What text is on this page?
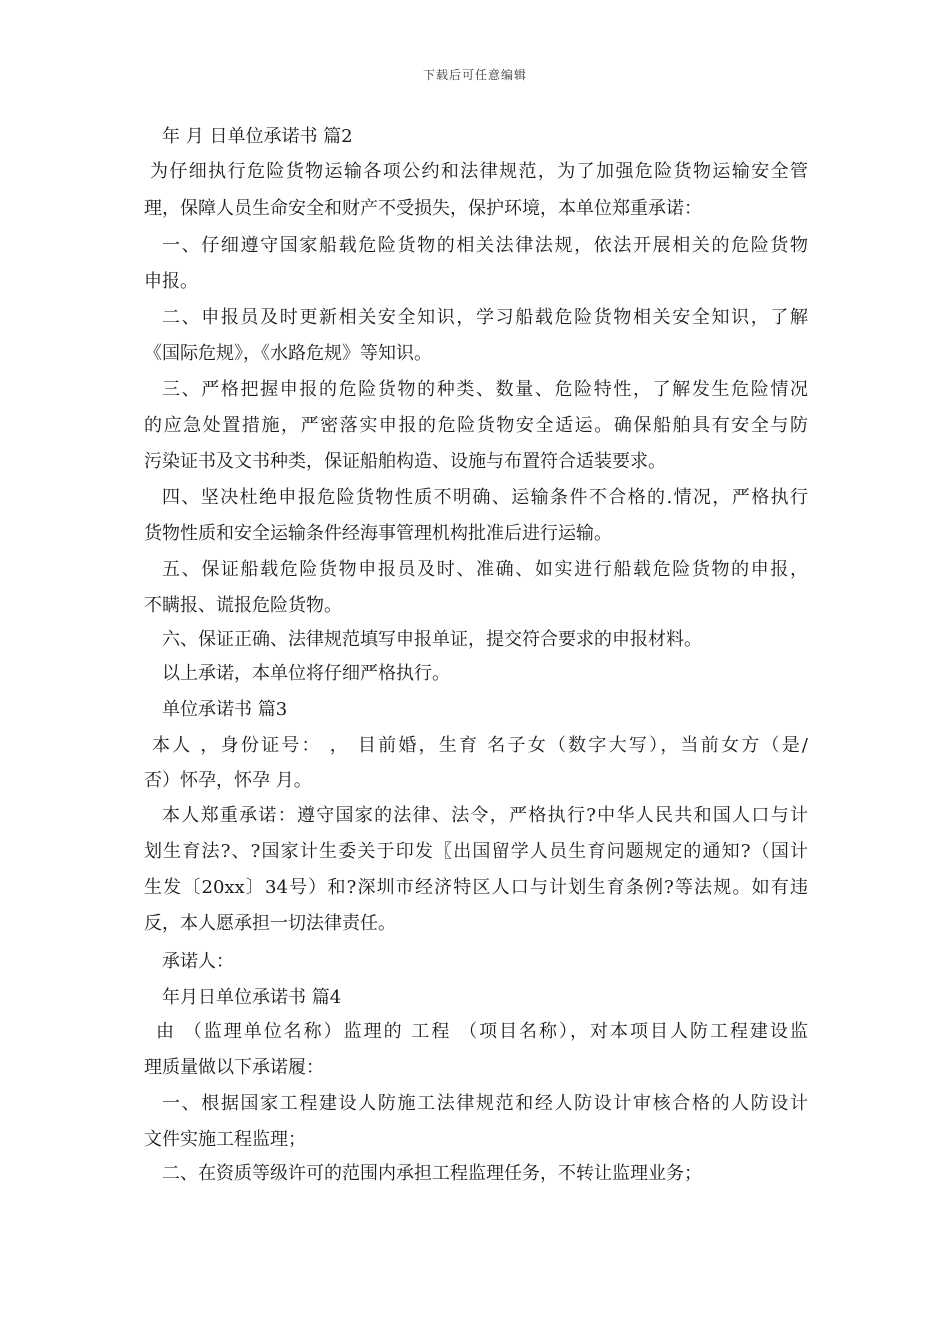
下载后可任意编辑
年 月 日单位承诺书 篇2
为仔细执行危险货物运输各项公约和法律规范，为了加强危险货物运输安全管
理，保障人员生命安全和财产不受损失，保护环境，本单位郑重承诺：
一、仔细遵守国家船载危险货物的相关法律法规，依法开展相关的危险货物
申报。
二、申报员及时更新相关安全知识，学习船载危险货物相关安全知识，了解
《国际危规》，《水路危规》等知识。
三、严格把握申报的危险货物的种类、数量、危险特性，了解发生危险情况
的应急处置措施，严密落实申报的危险货物安全适运。确保船舶具有安全与防
污染证书及文书种类，保证船舶构造、设施与布置符合适装要求。
四、坚决杜绝申报危险货物性质不明确、运输条件不合格的.情况，严格执行
货物性质和安全运输条件经海事管理机构批准后进行运输。
五、保证船载危险货物申报员及时、准确、如实进行船载危险货物的申报，
不瞒报、谎报危险货物。
六、保证正确、法律规范填写申报单证，提交符合要求的申报材料。
以上承诺，本单位将仔细严格执行。
单位承诺书 篇3
本人 ，身份证号： ， 目前婚，生育 名子女（数字大写），当前女方（是/
否）怀孕，怀孕 月。
本人郑重承诺：遵守国家的法律、法令，严格执行?中华人民共和国人口与计
划生育法?、?国家计生委关于印发〖出国留学人员生育问题规定的通知?（国计
生发〔20xx〕34号）和?深圳市经济特区人口与计划生育条例?等法规。如有违
反，本人愿承担一切法律责任。
承诺人：
年月日单位承诺书 篇4
由 （监理单位名称）监理的 工程 （项目名称），对本项目人防工程建设监
理质量做以下承诺履：
一、根据国家工程建设人防施工法律规范和经人防设计审核合格的人防设计
文件实施工程监理；
二、在资质等级许可的范围内承担工程监理任务，不转让监理业务；
